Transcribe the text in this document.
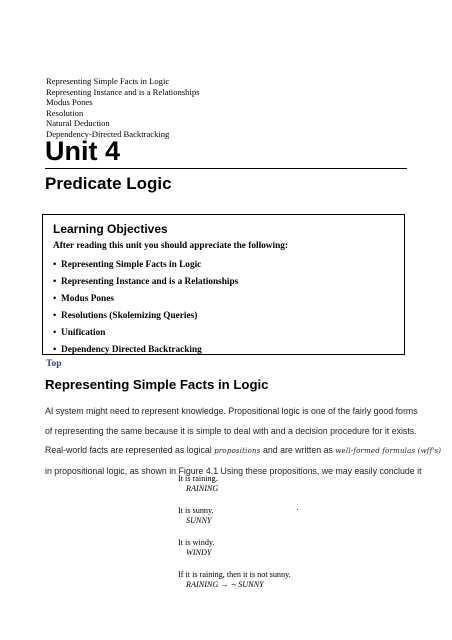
Representing Simple Facts in Logic
Representing Instance and is a Relationships
Modus Pones
Resolution
Natural Deduction
Dependency-Directed Backtracking
Unit 4
Predicate Logic
Learning Objectives
After reading this unit you should appreciate the following:
• Representing Simple Facts in Logic
• Representing Instance and is a Relationships
• Modus Pones
• Resolutions (Skolemizing Queries)
• Unification
• Dependency Directed Backtracking
Top
Representing Simple Facts in Logic
AI system might need to represent knowledge. Propositional logic is one of the fairly good forms
of representing the same because it is simple to deal with and a decision procedure for it exists.
Real-world facts are represented as logical propositions and are written as well-formed formulas (wff's)
in propositional logic, as shown in Figure 4.1 Using these propositions, we may easily conclude it
It is raining.
RAINING
It is sunny.
SUNNY
It is windy.
WINDY
If it is raining, then it is not sunny.
RAINING → ¬ SUNNY
